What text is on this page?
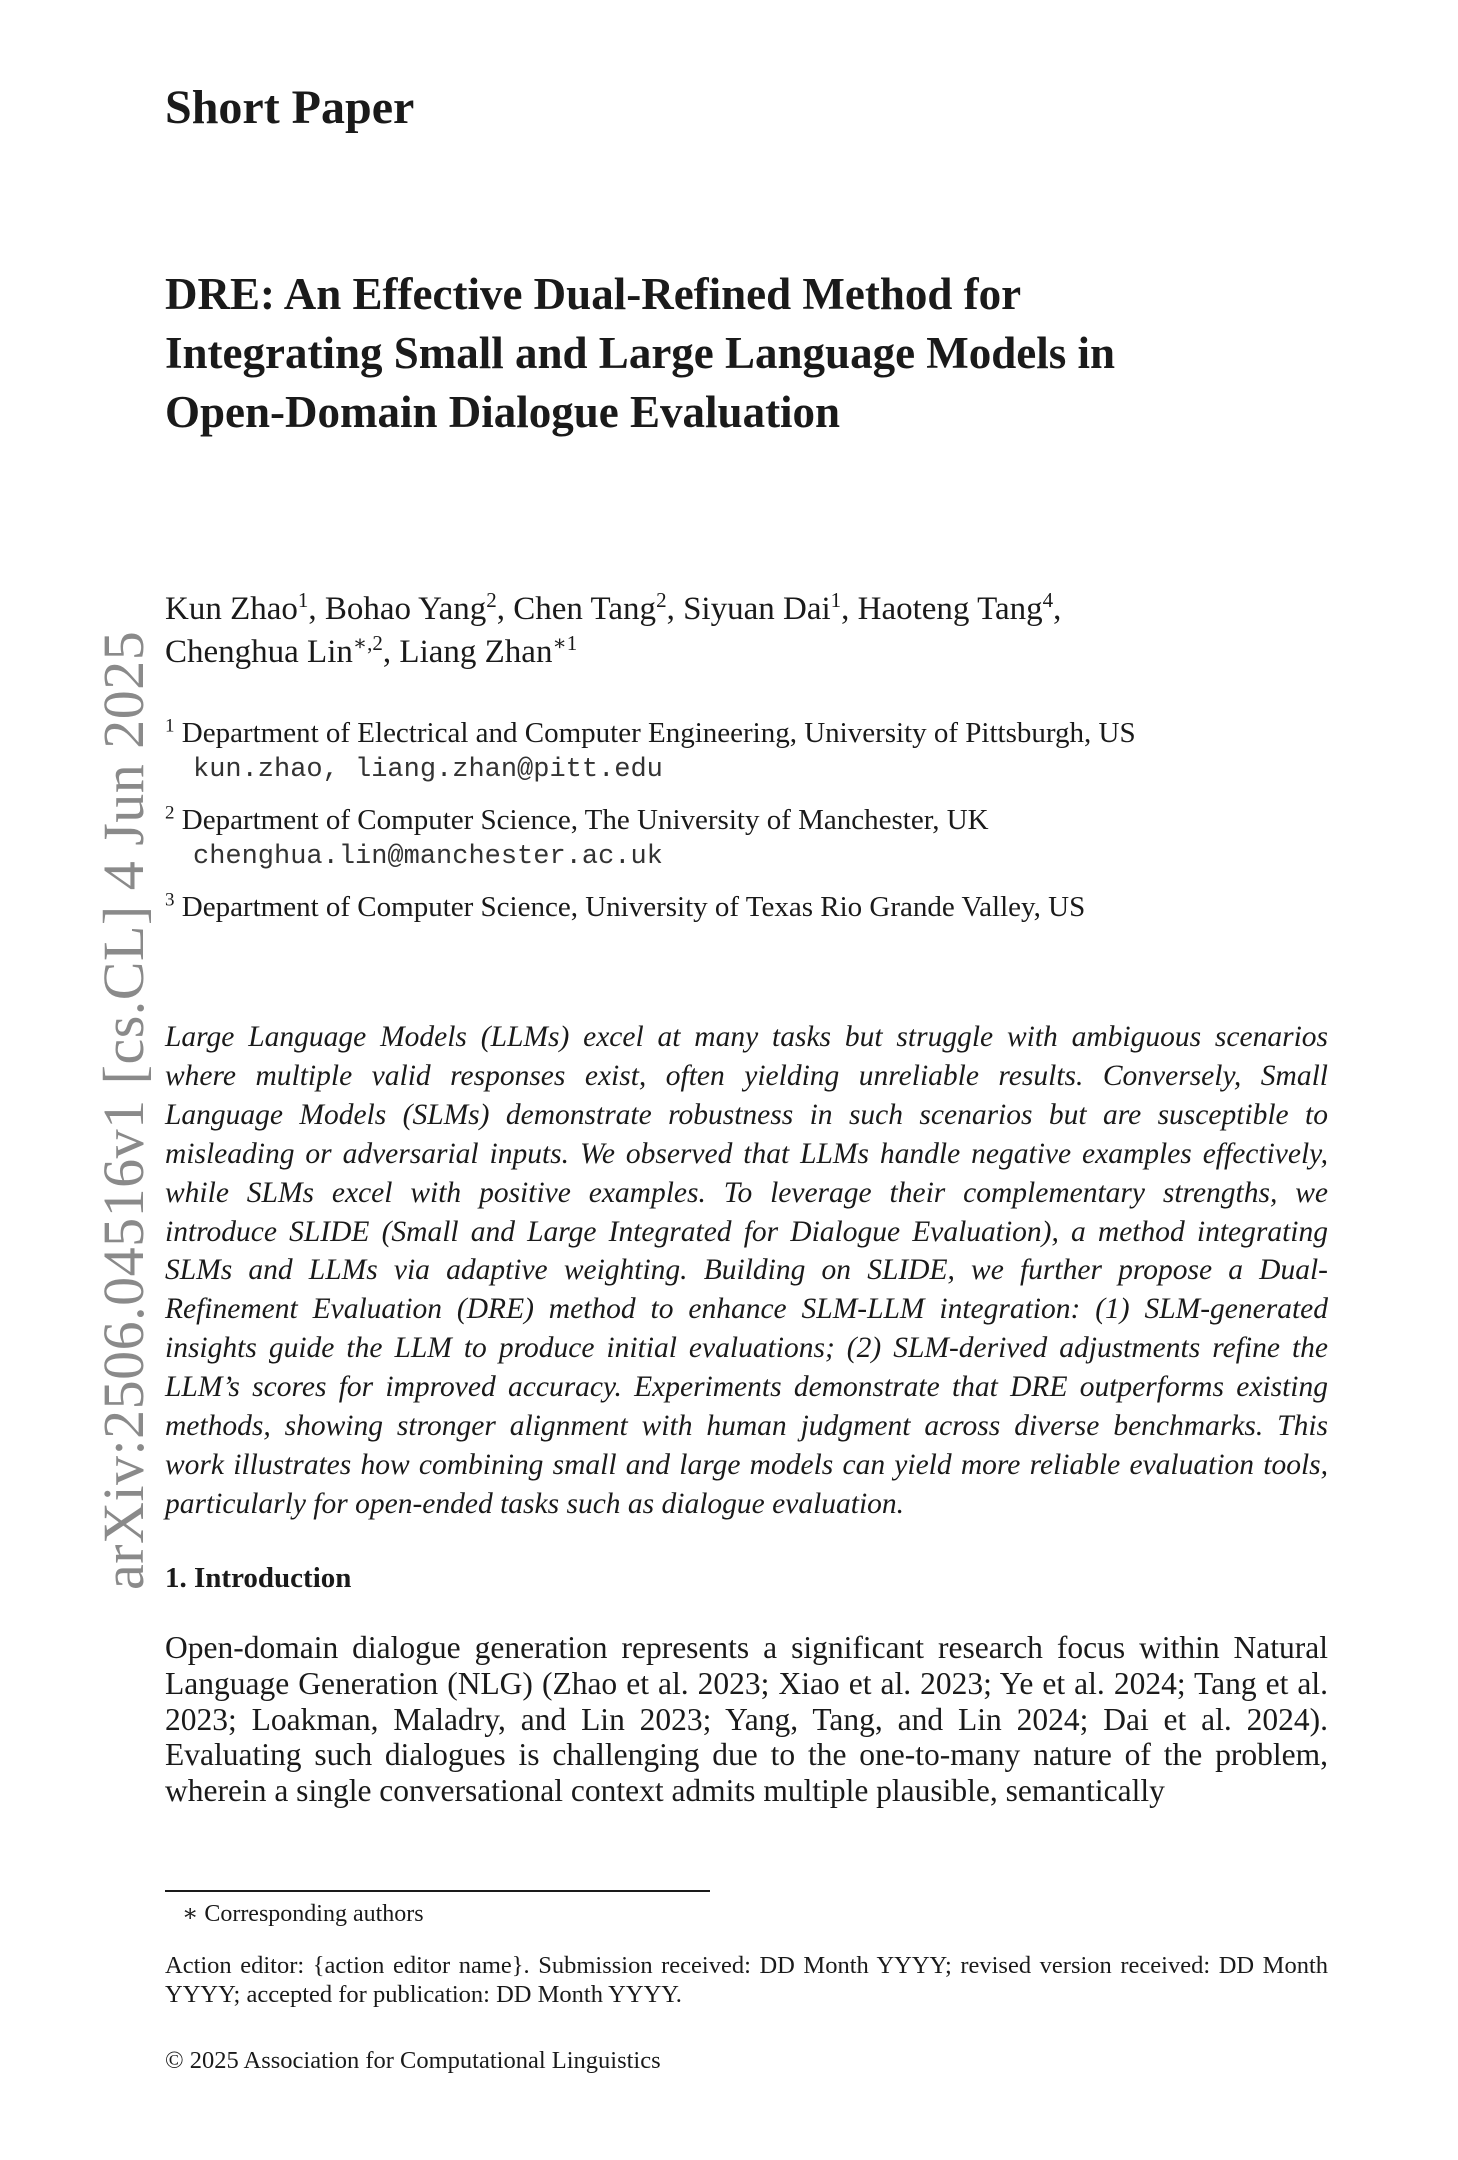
arXiv:2506.04516v1 [cs.CL] 4 Jun 2025
Short Paper
DRE: An Effective Dual-Refined Method for Integrating Small and Large Language Models in Open-Domain Dialogue Evaluation
Kun Zhao$^1$, Bohao Yang$^2$, Chen Tang$^2$, Siyuan Dai$^1$, Haoteng Tang$^4$,
Chenghua Lin$^{∗,2}$, Liang Zhan$^{∗1}$
$^1$ Department of Electrical and Computer Engineering, University of Pittsburgh, US
kun.zhao, liang.zhan@pitt.edu
$^2$ Department of Computer Science, The University of Manchester, UK
chenghua.lin@manchester.ac.uk
$^3$ Department of Computer Science, University of Texas Rio Grande Valley, US
Large Language Models (LLMs) excel at many tasks but struggle with ambiguous scenarios where multiple valid responses exist, often yielding unreliable results. Conversely, Small Language Models (SLMs) demonstrate robustness in such scenarios but are susceptible to misleading or adversarial inputs. We observed that LLMs handle negative examples effectively, while SLMs excel with positive examples. To leverage their complementary strengths, we introduce SLIDE (Small and Large Integrated for Dialogue Evaluation), a method integrating SLMs and LLMs via adaptive weighting. Building on SLIDE, we further propose a Dual-Refinement Evaluation (DRE) method to enhance SLM-LLM integration: (1) SLM-generated insights guide the LLM to produce initial evaluations; (2) SLM-derived adjustments refine the LLM’s scores for improved accuracy. Experiments demonstrate that DRE outperforms existing methods, showing stronger alignment with human judgment across diverse benchmarks. This work illustrates how combining small and large models can yield more reliable evaluation tools, particularly for open-ended tasks such as dialogue evaluation.
1. Introduction
Open-domain dialogue generation represents a significant research focus within Natural Language Generation (NLG) (Zhao et al. 2023; Xiao et al. 2023; Ye et al. 2024; Tang et al. 2023; Loakman, Maladry, and Lin 2023; Yang, Tang, and Lin 2024; Dai et al. 2024). Evaluating such dialogues is challenging due to the one-to-many nature of the problem, wherein a single conversational context admits multiple plausible, semantically
∗ Corresponding authors
Action editor: {action editor name}. Submission received: DD Month YYYY; revised version received: DD Month YYYY; accepted for publication: DD Month YYYY.
© 2025 Association for Computational Linguistics
